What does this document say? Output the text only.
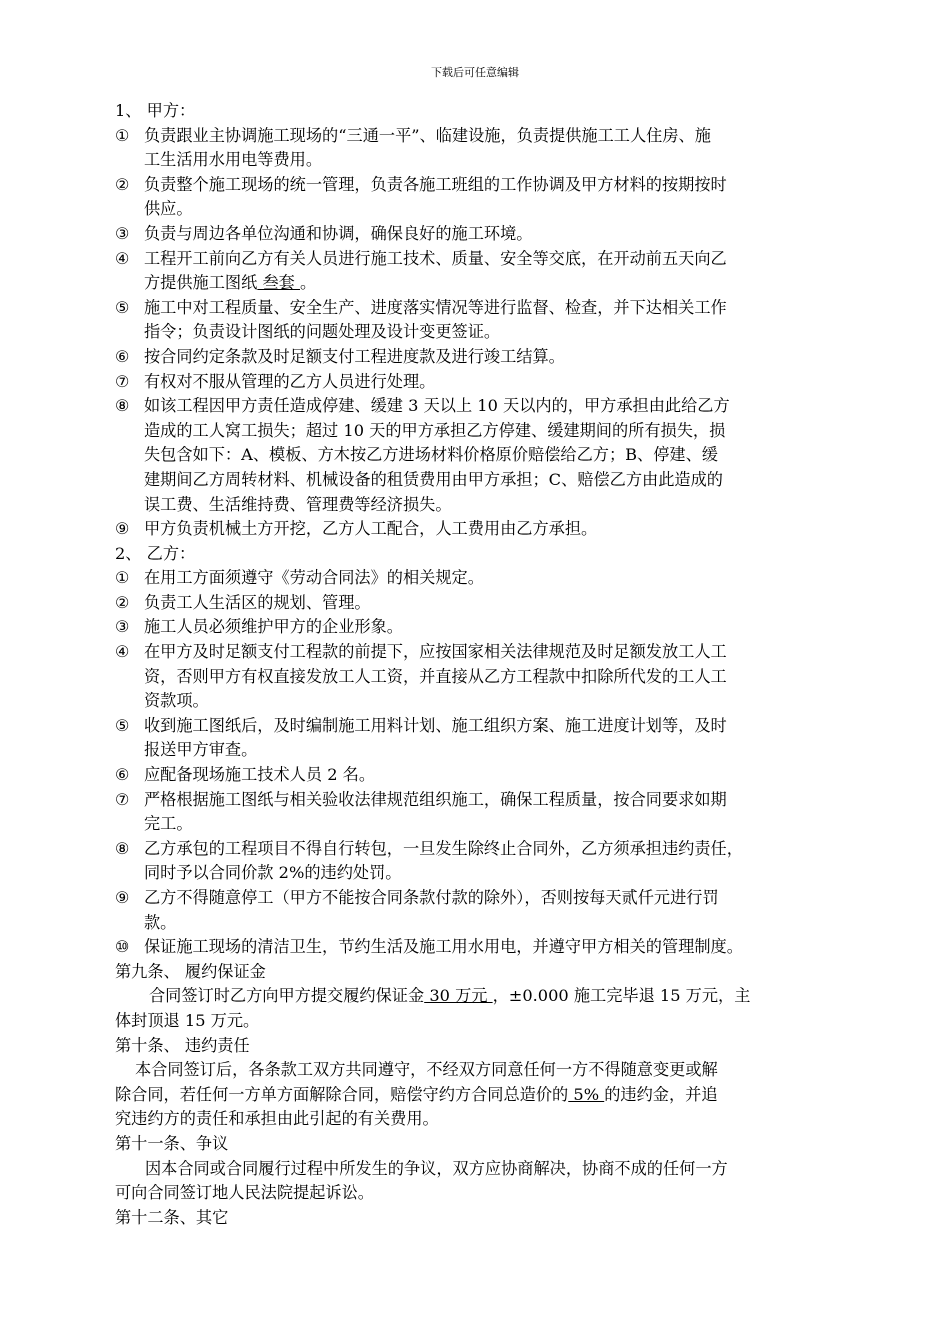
下载后可任意编辑
1、 甲方：
① 负责跟业主协调施工现场的“三通一平”、临建设施，负责提供施工工人住房、施
工生活用水用电等费用。
② 负责整个施工现场的统一管理，负责各施工班组的工作协调及甲方材料的按期按时
供应。
③ 负责与周边各单位沟通和协调，确保良好的施工环境。
④ 工程开工前向乙方有关人员进行施工技术、质量、安全等交底，在开动前五天向乙
方提供施工图纸 叁套 。
⑤ 施工中对工程质量、安全生产、进度落实情况等进行监督、检查，并下达相关工作
指令；负责设计图纸的问题处理及设计变更签证。
⑥ 按合同约定条款及时足额支付工程进度款及进行竣工结算。
⑦ 有权对不服从管理的乙方人员进行处理。
⑧ 如该工程因甲方责任造成停建、缓建 3 天以上 10 天以内的，甲方承担由此给乙方
造成的工人窝工损失；超过 10 天的甲方承担乙方停建、缓建期间的所有损失，损
失包含如下：A、模板、方木按乙方进场材料价格原价赔偿给乙方；B、停建、缓
建期间乙方周转材料、机械设备的租赁费用由甲方承担；C、赔偿乙方由此造成的
误工费、生活维持费、管理费等经济损失。
⑨ 甲方负责机械土方开挖，乙方人工配合，人工费用由乙方承担。
2、 乙方：
① 在用工方面须遵守《劳动合同法》的相关规定。
② 负责工人生活区的规划、管理。
③ 施工人员必须维护甲方的企业形象。
④ 在甲方及时足额支付工程款的前提下，应按国家相关法律规范及时足额发放工人工
资，否则甲方有权直接发放工人工资，并直接从乙方工程款中扣除所代发的工人工
资款项。
⑤ 收到施工图纸后，及时编制施工用料计划、施工组织方案、施工进度计划等，及时
报送甲方审查。
⑥ 应配备现场施工技术人员 2 名。
⑦ 严格根据施工图纸与相关验收法律规范组织施工，确保工程质量，按合同要求如期
完工。
⑧ 乙方承包的工程项目不得自行转包，一旦发生除终止合同外，乙方须承担违约责任，
同时予以合同价款 2%的违约处罚。
⑨ 乙方不得随意停工（甲方不能按合同条款付款的除外），否则按每天贰仟元进行罚
款。
⑩ 保证施工现场的清洁卫生，节约生活及施工用水用电，并遵守甲方相关的管理制度。
第九条、 履约保证金
合同签订时乙方向甲方提交履约保证金 30 万元 ，±0.000 施工完毕退 15 万元，主
体封顶退 15 万元。
第十条、 违约责任
本合同签订后，各条款工双方共同遵守，不经双方同意任何一方不得随意变更或解
除合同，若任何一方单方面解除合同，赔偿守约方合同总造价的 5% 的违约金，并追
究违约方的责任和承担由此引起的有关费用。
第十一条、争议
因本合同或合同履行过程中所发生的争议，双方应协商解决，协商不成的任何一方
可向合同签订地人民法院提起诉讼。
第十二条、其它
